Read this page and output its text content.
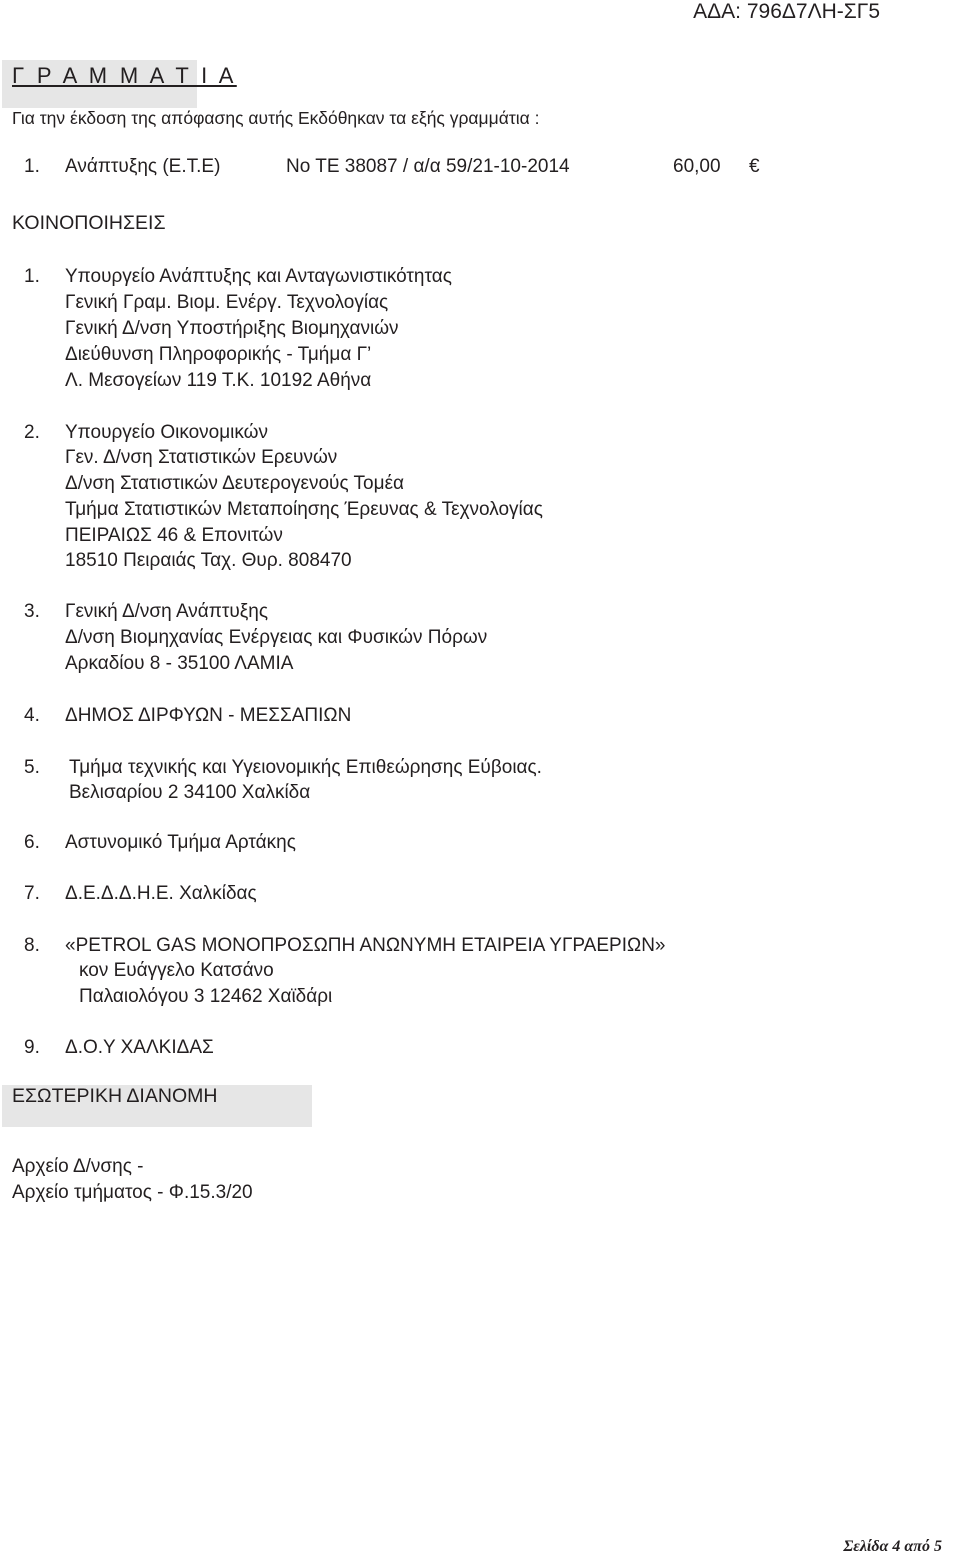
ΑΔΑ: 796Δ7ΛΗ-ΣΓ5
Γ Ρ Α Μ Μ Α Τ Ι Α
Για την έκδοση της απόφασης αυτής Εκδόθηκαν τα εξής γραμμάτια :
1. Ανάπτυξης (Ε.Τ.Ε)	Νο ΤΕ 38087 / α/α 59/21-10-2014	60,00 €
ΚΟΙΝΟΠΟΙΗΣΕΙΣ
1. Υπουργείο Ανάπτυξης και Ανταγωνιστικότητας
Γενική Γραμ. Βιομ. Ενέργ. Τεχνολογίας
Γενική Δ/νση Υποστήριξης Βιομηχανιών
Διεύθυνση Πληροφορικής - Τμήμα Γ’
Λ. Μεσογείων 119 Τ.Κ. 10192 Αθήνα
2. Υπουργείο Οικονομικών
Γεν. Δ/νση Στατιστικών Ερευνών
Δ/νση Στατιστικών Δευτερογενούς Τομέα
Τμήμα Στατιστικών Μεταποίησης Έρευνας & Τεχνολογίας
ΠΕΙΡΑΙΩΣ 46 & Επονιτών
18510 Πειραιάς Ταχ. Θυρ. 808470
3. Γενική Δ/νση Ανάπτυξης
Δ/νση Βιομηχανίας Ενέργειας και Φυσικών Πόρων
Αρκαδίου 8 - 35100 ΛΑΜΙΑ
4. ΔΗΜΟΣ ΔΙΡΦΥΩΝ - ΜΕΣΣΑΠΙΩΝ
5. Τμήμα τεχνικής και Υγειονομικής Επιθεώρησης Εύβοιας.
Βελισαρίου 2 34100 Χαλκίδα
6. Αστυνομικό Τμήμα Αρτάκης
7. Δ.Ε.Δ.Δ.Η.Ε. Χαλκίδας
8. «PETROL GAS ΜΟΝΟΠΡΟΣΩΠΗ ΑΝΩΝΥΜΗ ΕΤΑΙΡΕΙΑ ΥΓΡΑΕΡΙΩΝ»
κον Ευάγγελο Κατσάνο
Παλαιολόγου 3 12462 Χαϊδάρι
9. Δ.Ο.Υ ΧΑΛΚΙΔΑΣ
ΕΣΩΤΕΡΙΚΗ ΔΙΑΝΟΜΗ
Αρχείο Δ/νσης -
Αρχείο τμήματος - Φ.15.3/20
Σελίδα 4 από 5
